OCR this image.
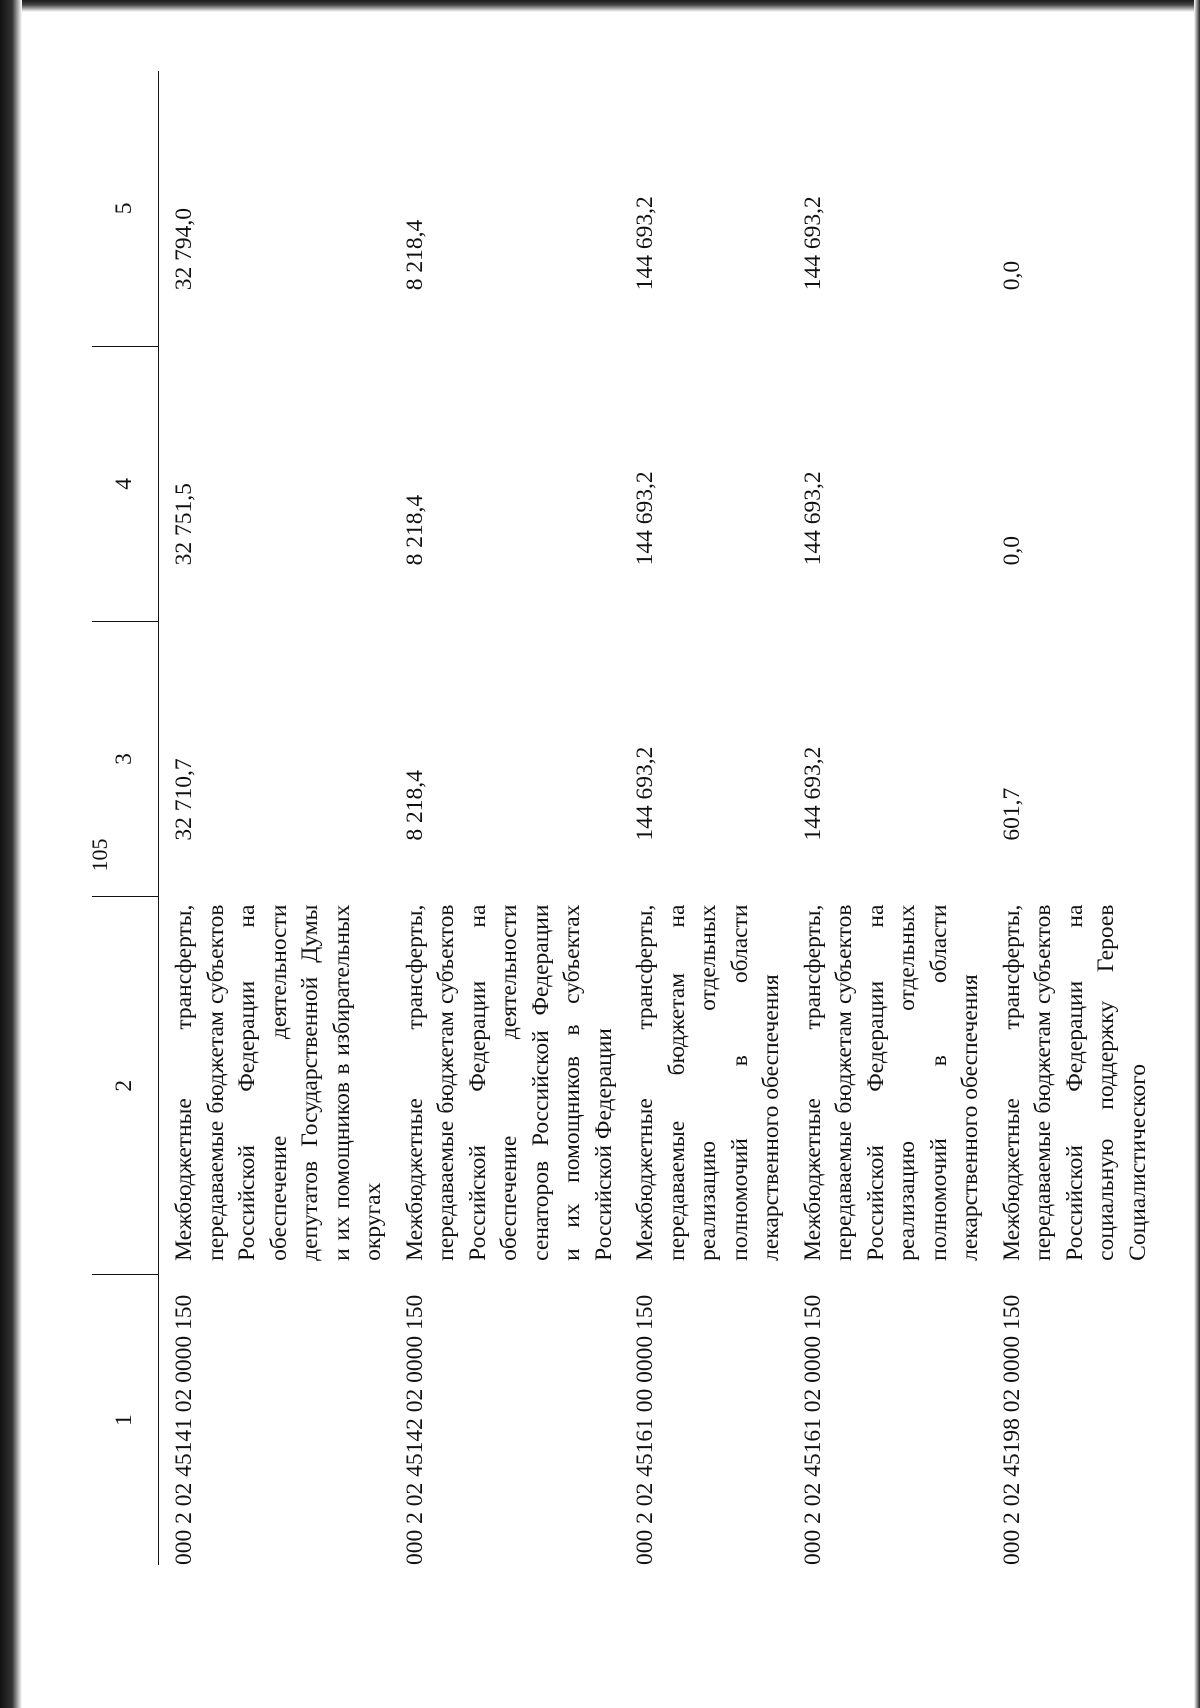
105
1	2	3	4	5
000 2 02 45141 02 0000 150	Межбюджетные трансферты, передаваемые бюджетам субъектов Российской Федерации на обеспечение деятельности депутатов Государственной Думы и их помощников в избирательных округах	32 710,7	32 751,5	32 794,0
000 2 02 45142 02 0000 150	Межбюджетные трансферты, передаваемые бюджетам субъектов Российской Федерации на обеспечение деятельности сенаторов Российской Федерации и их помощников в субъектах Российской Федерации	8 218,4	8 218,4	8 218,4
000 2 02 45161 00 0000 150	Межбюджетные трансферты, передаваемые бюджетам на реализацию отдельных полномочий в области лекарственного обеспечения	144 693,2	144 693,2	144 693,2
000 2 02 45161 02 0000 150	Межбюджетные трансферты, передаваемые бюджетам субъектов Российской Федерации на реализацию отдельных полномочий в области лекарственного обеспечения	144 693,2	144 693,2	144 693,2
000 2 02 45198 02 0000 150	Межбюджетные трансферты, передаваемые бюджетам субъектов Российской Федерации на социальную поддержку Героев Социалистического	601,7	0,0	0,0
